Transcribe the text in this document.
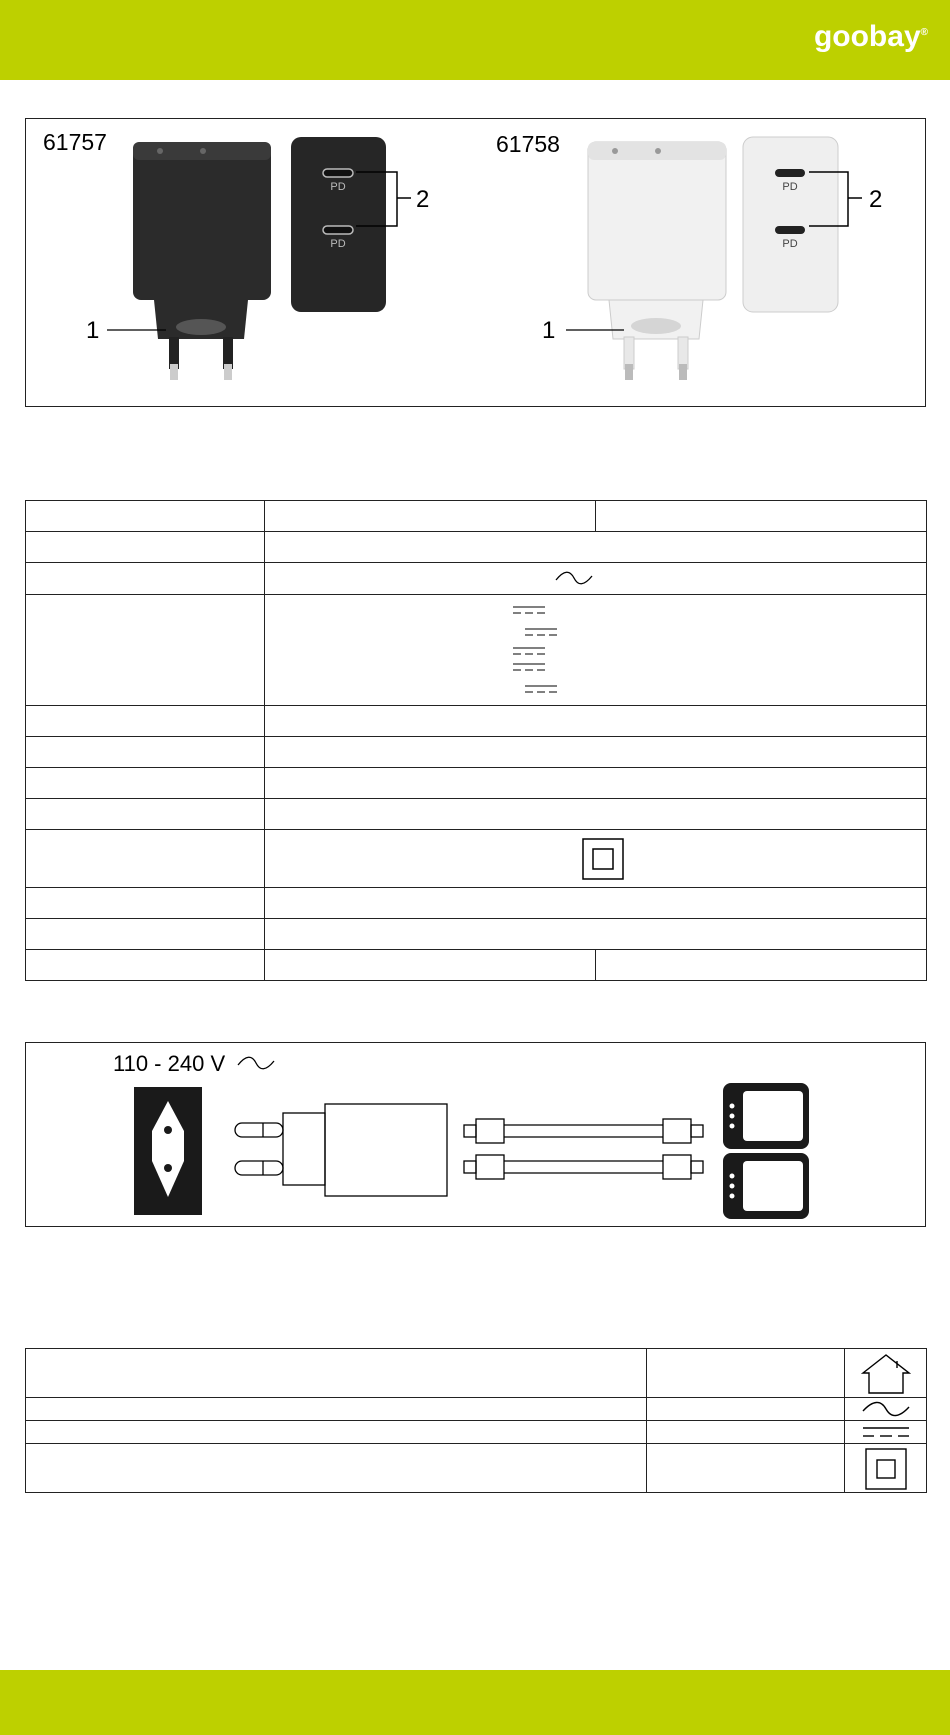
goobay®
61757	61758
PD
PD
1
2	PD
PD
1
2

110 - 240 V
